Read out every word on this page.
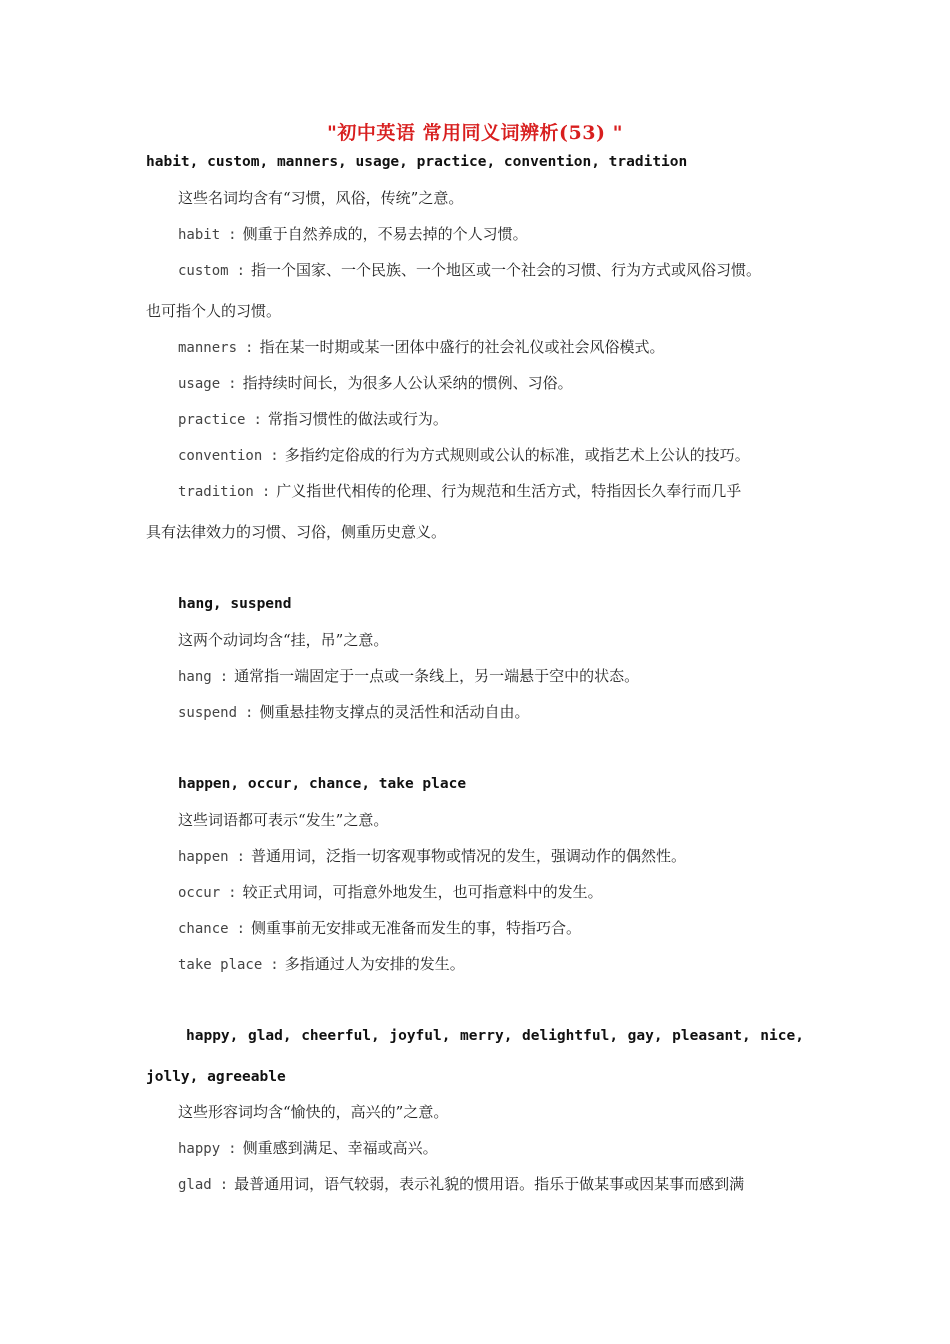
"初中英语 常用同义词辨析(53) "
habit, custom, manners, usage, practice, convention, tradition
这些名词均含有“习惯，风俗，传统”之意。
habit : 侧重于自然养成的，不易去掉的个人习惯。
custom : 指一个国家、一个民族、一个地区或一个社会的习惯、行为方式或风俗习惯。
也可指个人的习惯。
manners : 指在某一时期或某一团体中盛行的社会礼仪或社会风俗模式。
usage : 指持续时间长，为很多人公认采纳的惯例、习俗。
practice : 常指习惯性的做法或行为。
convention : 多指约定俗成的行为方式规则或公认的标准，或指艺术上公认的技巧。
tradition : 广义指世代相传的伦理、行为规范和生活方式，特指因长久奉行而几乎
具有法律效力的习惯、习俗，侧重历史意义。
hang, suspend
这两个动词均含“挂，吊”之意。
hang : 通常指一端固定于一点或一条线上，另一端悬于空中的状态。
suspend : 侧重悬挂物支撑点的灵活性和活动自由。
happen, occur, chance, take place
这些词语都可表示“发生”之意。
happen : 普通用词，泛指一切客观事物或情况的发生，强调动作的偶然性。
occur : 较正式用词，可指意外地发生，也可指意料中的发生。
chance : 侧重事前无安排或无准备而发生的事，特指巧合。
take place : 多指通过人为安排的发生。
happy, glad, cheerful, joyful, merry, delightful, gay, pleasant, nice,
jolly, agreeable
这些形容词均含“愉快的，高兴的”之意。
happy : 侧重感到满足、幸福或高兴。
glad : 最普通用词，语气较弱，表示礼貌的惯用语。指乐于做某事或因某事而感到满
